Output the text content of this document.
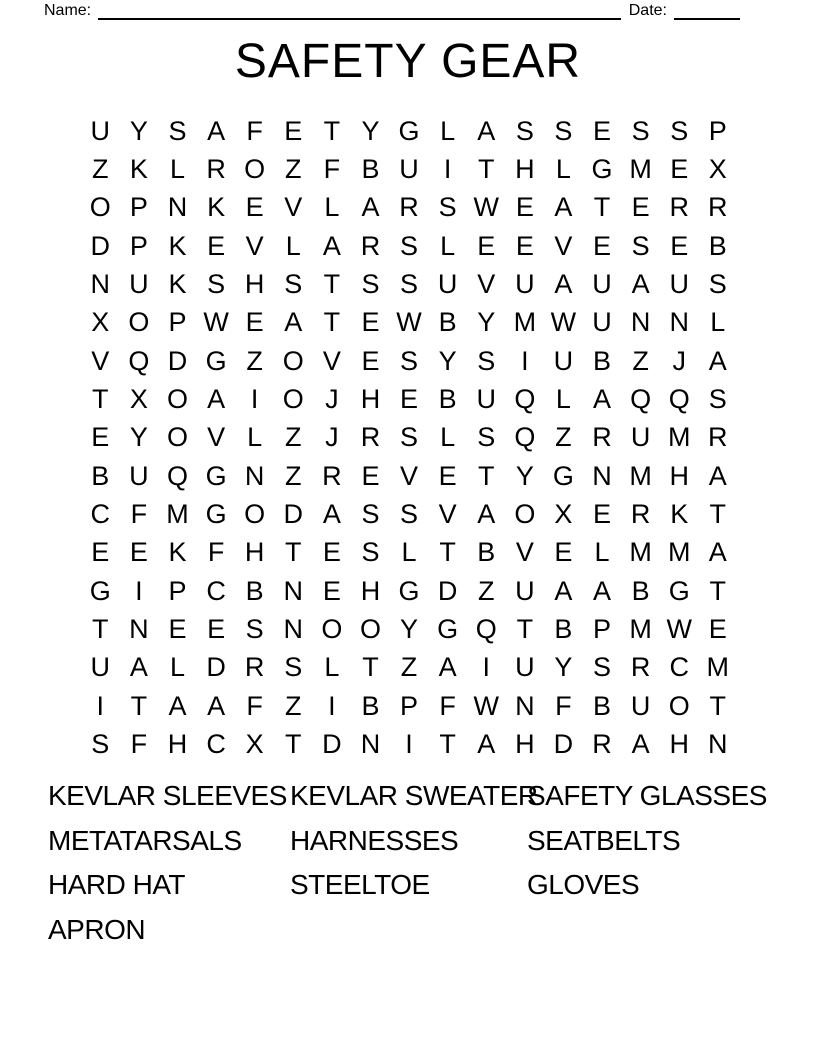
Name:	Date:
SAFETY GEAR
U Y S A F E T Y G L A S S E S S P
Z K L R O Z F B U I T H L G M E X
O P N K E V L A R S W E A T E R R
D P K E V L A R S L E E V E S E B
N U K S H S T S S U V U A U A U S
X O P W E A T E W B Y M W U N N L
V Q D G Z O V E S Y S I U B Z J A
T X O A I O J H E B U Q L A Q Q S
E Y O V L Z J R S L S Q Z R U M R
B U Q G N Z R E V E T Y G N M H A
C F M G O D A S S V A O X E R K T
E E K F H T E S L T B V E L M M A
G I P C B N E H G D Z U A A B G T
T N E E S N O O Y G Q T B P M W E
U A L D R S L T Z A I U Y S R C M
I T A A F Z I B P F W N F B U O T
S F H C X T D N I T A H D R A H N
KEVLAR SLEEVES
METATARSALS
HARD HAT
APRON
KEVLAR SWEATER
HARNESSES
STEELTOE
SAFETY GLASSES
SEATBELTS
GLOVES
